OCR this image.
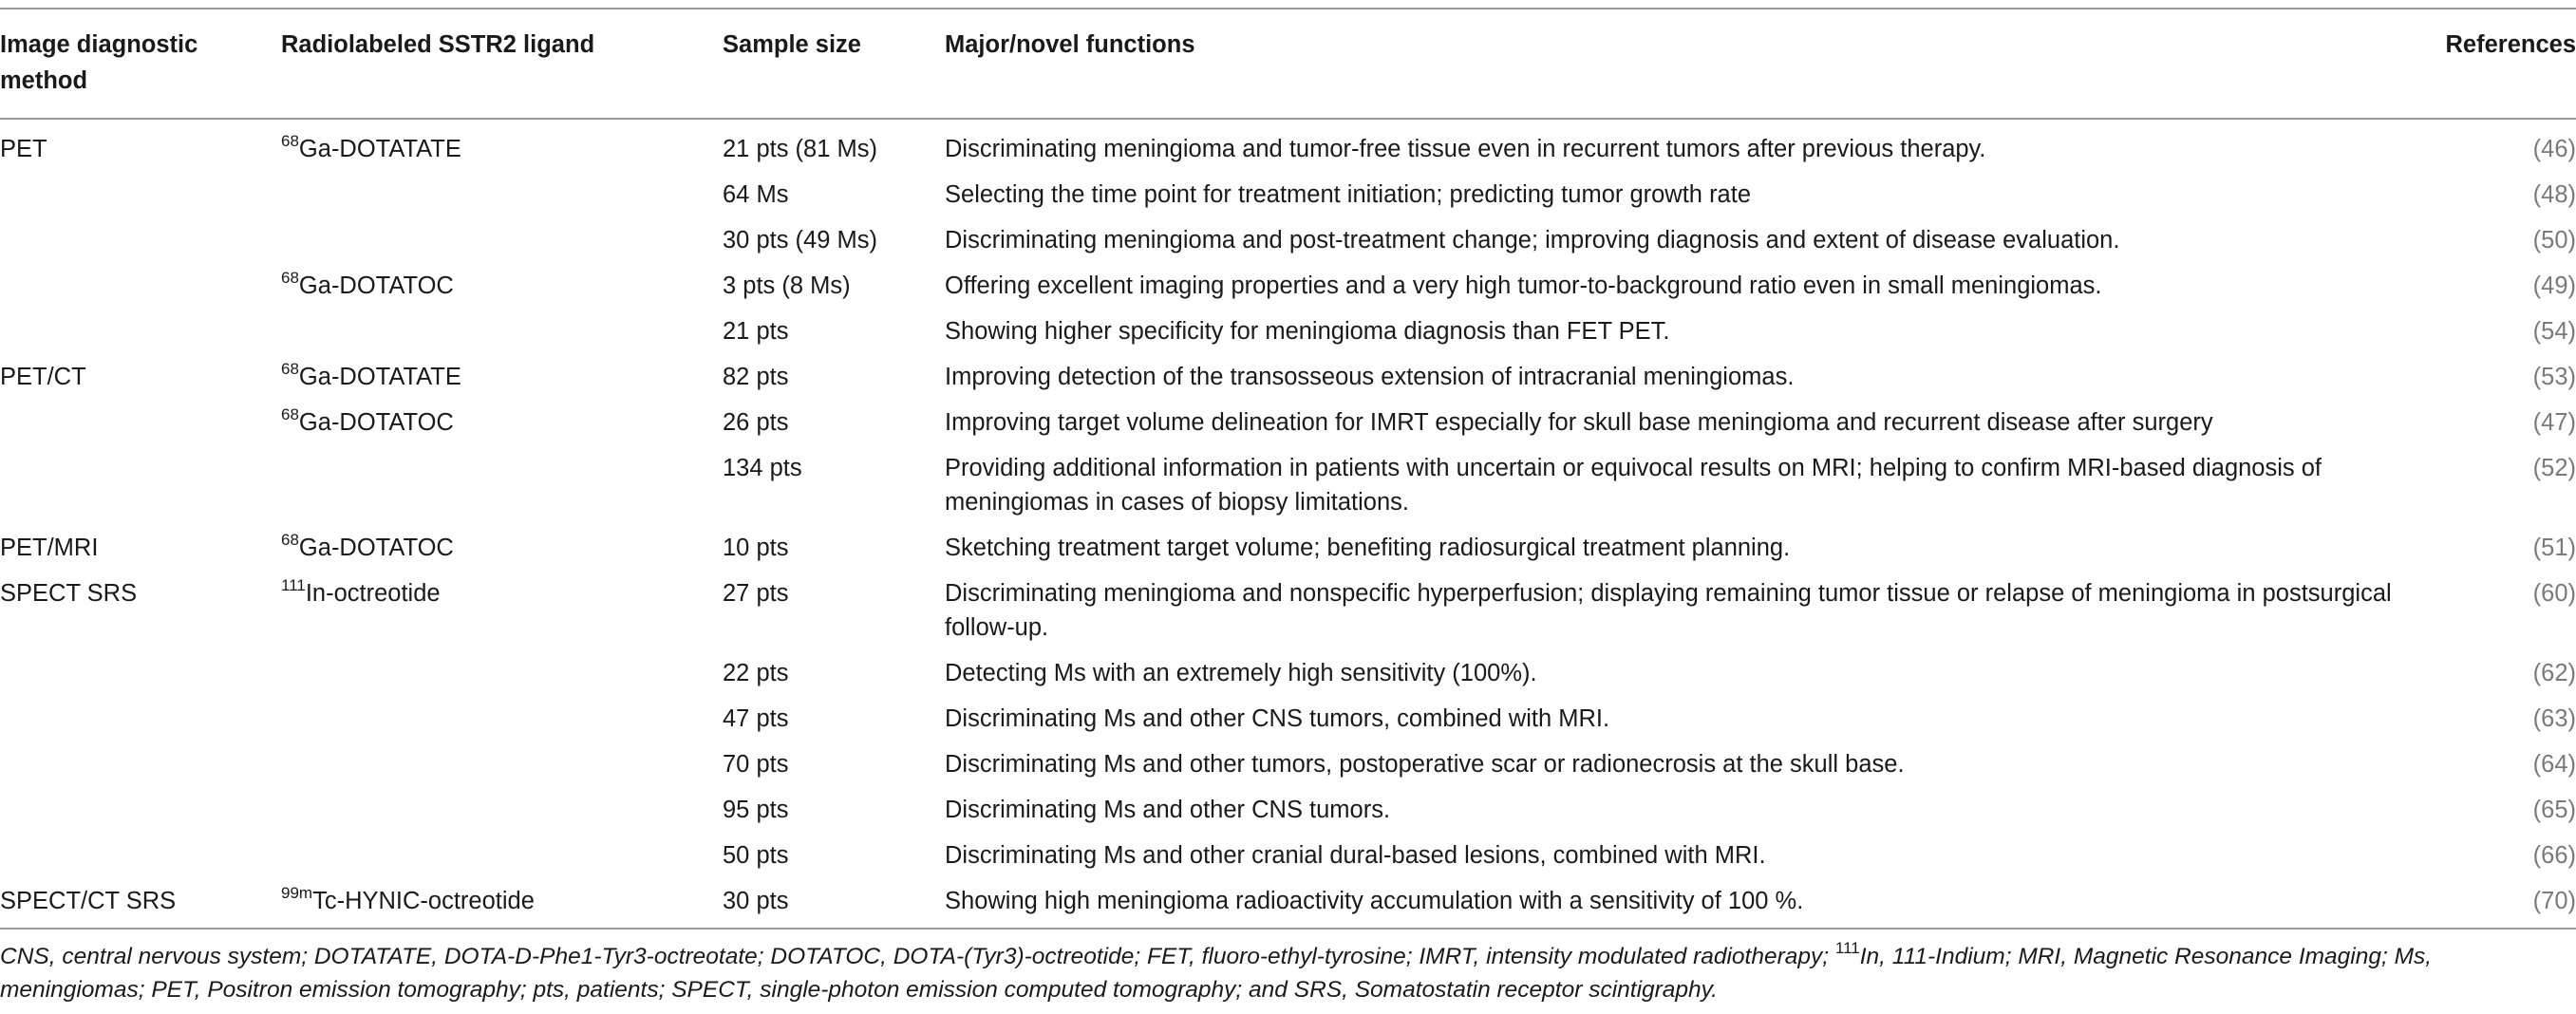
Image diagnostic method	Radiolabeled SSTR2 ligand	Sample size	Major/novel functions	References
PET	$^{68}$Ga-DOTATATE	21 pts (81 Ms)	Discriminating meningioma and tumor-free tissue even in recurrent tumors after previous therapy.	(46)
		64 Ms	Selecting the time point for treatment initiation; predicting tumor growth rate	(48)
		30 pts (49 Ms)	Discriminating meningioma and post-treatment change; improving diagnosis and extent of disease evaluation.	(50)
	$^{68}$Ga-DOTATOC	3 pts (8 Ms)	Offering excellent imaging properties and a very high tumor-to-background ratio even in small meningiomas.	(49)
		21 pts	Showing higher specificity for meningioma diagnosis than FET PET.	(54)
PET/CT	$^{68}$Ga-DOTATATE	82 pts	Improving detection of the transosseous extension of intracranial meningiomas.	(53)
	$^{68}$Ga-DOTATOC	26 pts	Improving target volume delineation for IMRT especially for skull base meningioma and recurrent disease after surgery	(47)
		134 pts	Providing additional information in patients with uncertain or equivocal results on MRI; helping to confirm MRI-based diagnosis of meningiomas in cases of biopsy limitations.	(52)
PET/MRI	$^{68}$Ga-DOTATOC	10 pts	Sketching treatment target volume; benefiting radiosurgical treatment planning.	(51)
SPECT SRS	$^{111}$In-octreotide	27 pts	Discriminating meningioma and nonspecific hyperperfusion; displaying remaining tumor tissue or relapse of meningioma in postsurgical follow-up.	(60)
		22 pts	Detecting Ms with an extremely high sensitivity (100%).	(62)
		47 pts	Discriminating Ms and other CNS tumors, combined with MRI.	(63)
		70 pts	Discriminating Ms and other tumors, postoperative scar or radionecrosis at the skull base.	(64)
		95 pts	Discriminating Ms and other CNS tumors.	(65)
		50 pts	Discriminating Ms and other cranial dural-based lesions, combined with MRI.	(66)
SPECT/CT SRS	$^{99m}$Tc-HYNIC-octreotide	30 pts	Showing high meningioma radioactivity accumulation with a sensitivity of 100 %.	(70)
CNS, central nervous system; DOTATATE, DOTA-D-Phe1-Tyr3-octreotate; DOTATOC, DOTA-(Tyr3)-octreotide; FET, fluoro-ethyl-tyrosine; IMRT, intensity modulated radiotherapy; $^{111}$In, 111-Indium; MRI, Magnetic Resonance Imaging; Ms, meningiomas; PET, Positron emission tomography; pts, patients; SPECT, single-photon emission computed tomography; and SRS, Somatostatin receptor scintigraphy.
